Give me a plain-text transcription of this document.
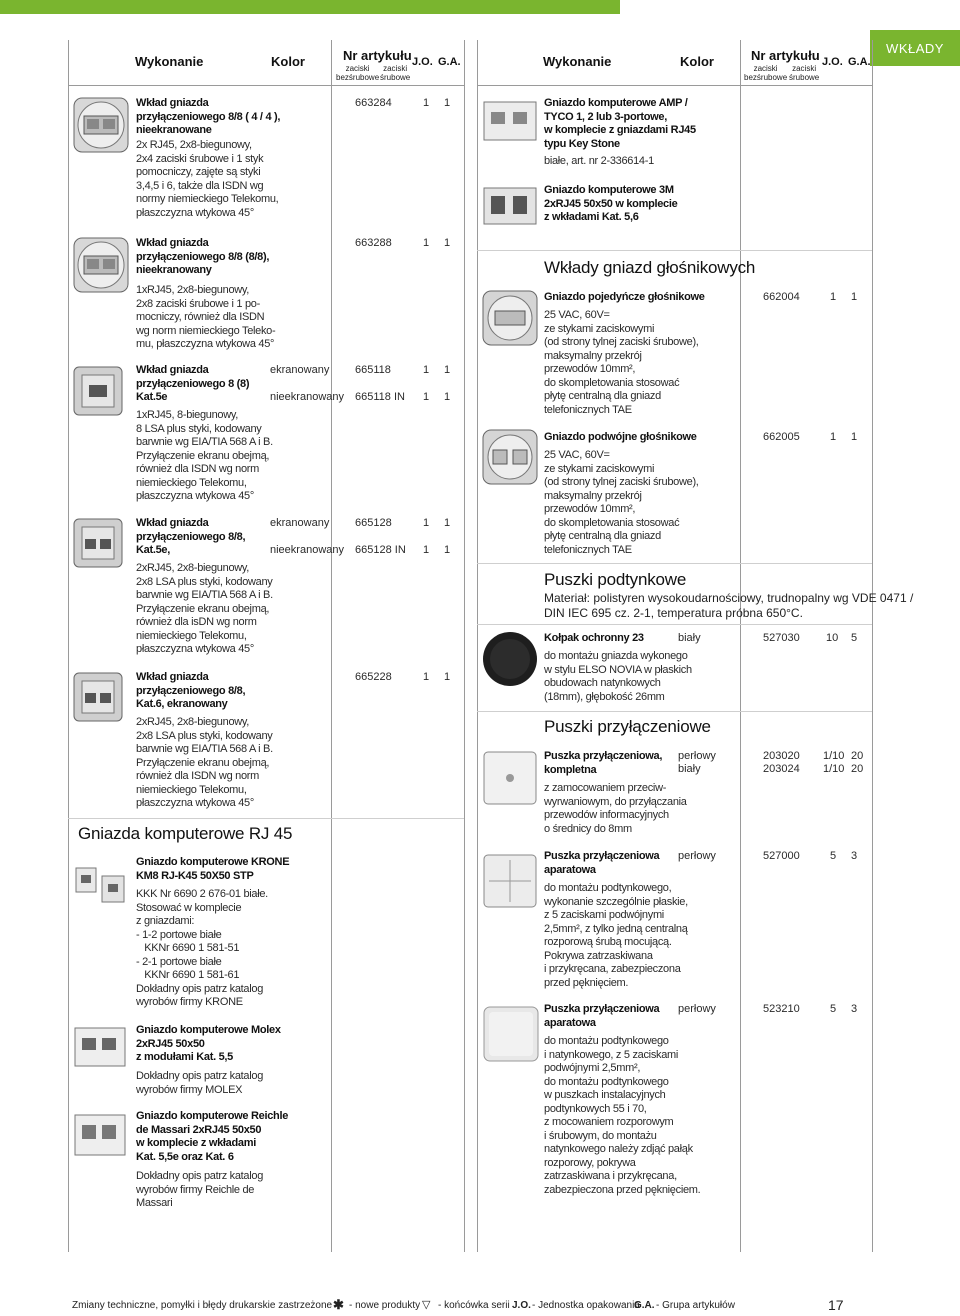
WKŁADY
Wykonanie	Kolor	Nr artykułu
zaciski
bezśrubowe
zaciski
śrubowe
J.O. G.A.	Wykonanie	Kolor	Nr artykułu
zaciski
bezśrubowe
zaciski
śrubowe
J.O. G.A.
Wkład gniazda
przyłączeniowego 8/8 ( 4 / 4 ),
nieekranowane
2x RJ45, 2x8-biegunowy,
2x4 zaciski śrubowe i 1 styk
pomocniczy, zajęte są styki
3,4,5 i 6, także dla ISDN wg
normy niemieckiego Telekomu,
płaszczyzna wtykowa 45°
663284	1 1
Wkład gniazda
przyłączeniowego 8/8 (8/8),
nieekranowany
1xRJ45, 2x8-biegunowy,
2x8 zaciski śrubowe i 1 po-
mocniczy, również dla ISDN
wg norm niemieckiego Teleko-
mu, płaszczyzna wtykowa 45°
663288	1 1
Wkład gniazda
przyłączeniowego 8 (8)
Kat.5e
1xRJ45, 8-biegunowy,
8 LSA plus styki, kodowany
barwnie wg EIA/TIA 568 A i B.
Przyłączenie ekranu obejmą,
również dla ISDN wg norm
niemieckiego Telekomu,
płaszczyzna wtykowa 45°
ekranowany 665118	1 1
nieekranowany 665118 IN 1 1
Wkład gniazda
przyłączeniowego 8/8,
Kat.5e,
2xRJ45, 2x8-biegunowy,
2x8 LSA plus styki, kodowany
barwnie wg EIA/TIA 568 A i B.
Przyłączenie ekranu obejmą,
również dla isDN wg norm
niemieckiego Telekomu,
płaszczyzna wtykowa 45°
ekranowany 665128	1 1
nieekranowany 665128 IN 1 1
Wkład gniazda
przyłączeniowego 8/8,
Kat.6, ekranowany
2xRJ45, 2x8-biegunowy,
2x8 LSA plus styki, kodowany
barwnie wg EIA/TIA 568 A i B.
Przyłączenie ekranu obejmą,
również dla ISDN wg norm
niemieckiego Telekomu,
płaszczyzna wtykowa 45°
665228	1 1
Gniazda komputerowe RJ 45
Gniazdo komputerowe KRONE
KM8 RJ-K45 50X50 STP
KKK Nr 6690 2 676-01 białe.
Stosować w komplecie
z gniazdami:
- 1-2 portowe białe
KKNr 6690 1 581-51
- 2-1 portowe białe
KKNr 6690 1 581-61
Dokładny opis patrz katalog
wyrobów firmy KRONE
Gniazdo komputerowe Molex
2xRJ45 50x50
z modułami Kat. 5,5
Dokładny opis patrz katalog
wyrobów firmy MOLEX
Gniazdo komputerowe Reichle
de Massari 2xRJ45 50x50
w komplecie z wkładami
Kat. 5,5e oraz Kat. 6
Dokładny opis patrz katalog
wyrobów firmy Reichle de
Massari
Gniazdo komputerowe AMP /
TYCO 1, 2 lub 3-portowe,
w komplecie z gniazdami RJ45
typu Key Stone
białe, art. nr 2-336614-1
Gniazdo komputerowe 3M
2xRJ45 50x50 w komplecie
z wkładami Kat. 5,6
Wkłady gniazd głośnikowych
Gniazdo pojedyńcze głośnikowe
25 VAC, 60V=
ze stykami zaciskowymi
(od strony tylnej zaciski śrubowe),
maksymalny przekrój
przewodów 10mm²,
do skompletowania stosować
płytę centralną dla gniazd
telefonicznych TAE
662004	1 1
Gniazdo podwójne głośnikowe
25 VAC, 60V=
ze stykami zaciskowymi
(od strony tylnej zaciski śrubowe),
maksymalny przekrój
przewodów 10mm²,
do skompletowania stosować
płytę centralną dla gniazd
telefonicznych TAE
662005	1 1
Puszki podtynkowe
Materiał: polistyren wysokoudarnościowy, trudnopalny wg VDE 0471 /
DIN IEC 695 cz. 2-1, temperatura próbna 650°C.
Kołpak ochronny 23
do montażu gniazda wykonego
w stylu ELSO NOVIA w płaskich
obudowach natynkowych
(18mm), głębokość 26mm
biały	527030 10 5
Puszki przyłączeniowe
Puszka przyłączeniowa,
kompletna
z zamocowaniem przeciw-
wyrwaniowym, do przyłączania
przewodów informacyjnych
o średnicy do 8mm
perłowy	203020 1/10 20
biały	203024 1/10 20
Puszka przyłączeniowa
aparatowa
do montażu podtynkowego,
wykonanie szczególnie płaskie,
z 5 zaciskami podwójnymi
2,5mm², z tylko jedną centralną
rozporową śrubą mocującą.
Pokrywa zatrzaskiwana
i przykręcana, zabezpieczona
przed pęknięciem.
perłowy	527000	5 3
Puszka przyłączeniowa
aparatowa
do montażu podtynkowego
i natynkowego, z 5 zaciskami
podwójnymi 2,5mm²,
do montażu podtynkowego
w puszkach instalacyjnych
podtynkowych 55 i 70,
z mocowaniem rozporowym
i śrubowym, do montażu
natynkowego należy zdjąć pałąk
rozporowy, pokrywa
zatrzaskiwana i przykręcana,
zabezpieczona przed pęknięciem.
perłowy	523210	5 3
Zmiany techniczne, pomyłki i błędy drukarskie zastrzeżone ✱ - nowe produkty ▽ - końcówka serii J.O. - Jednostka opakowania
G.A. - Grupa artykułów	17
